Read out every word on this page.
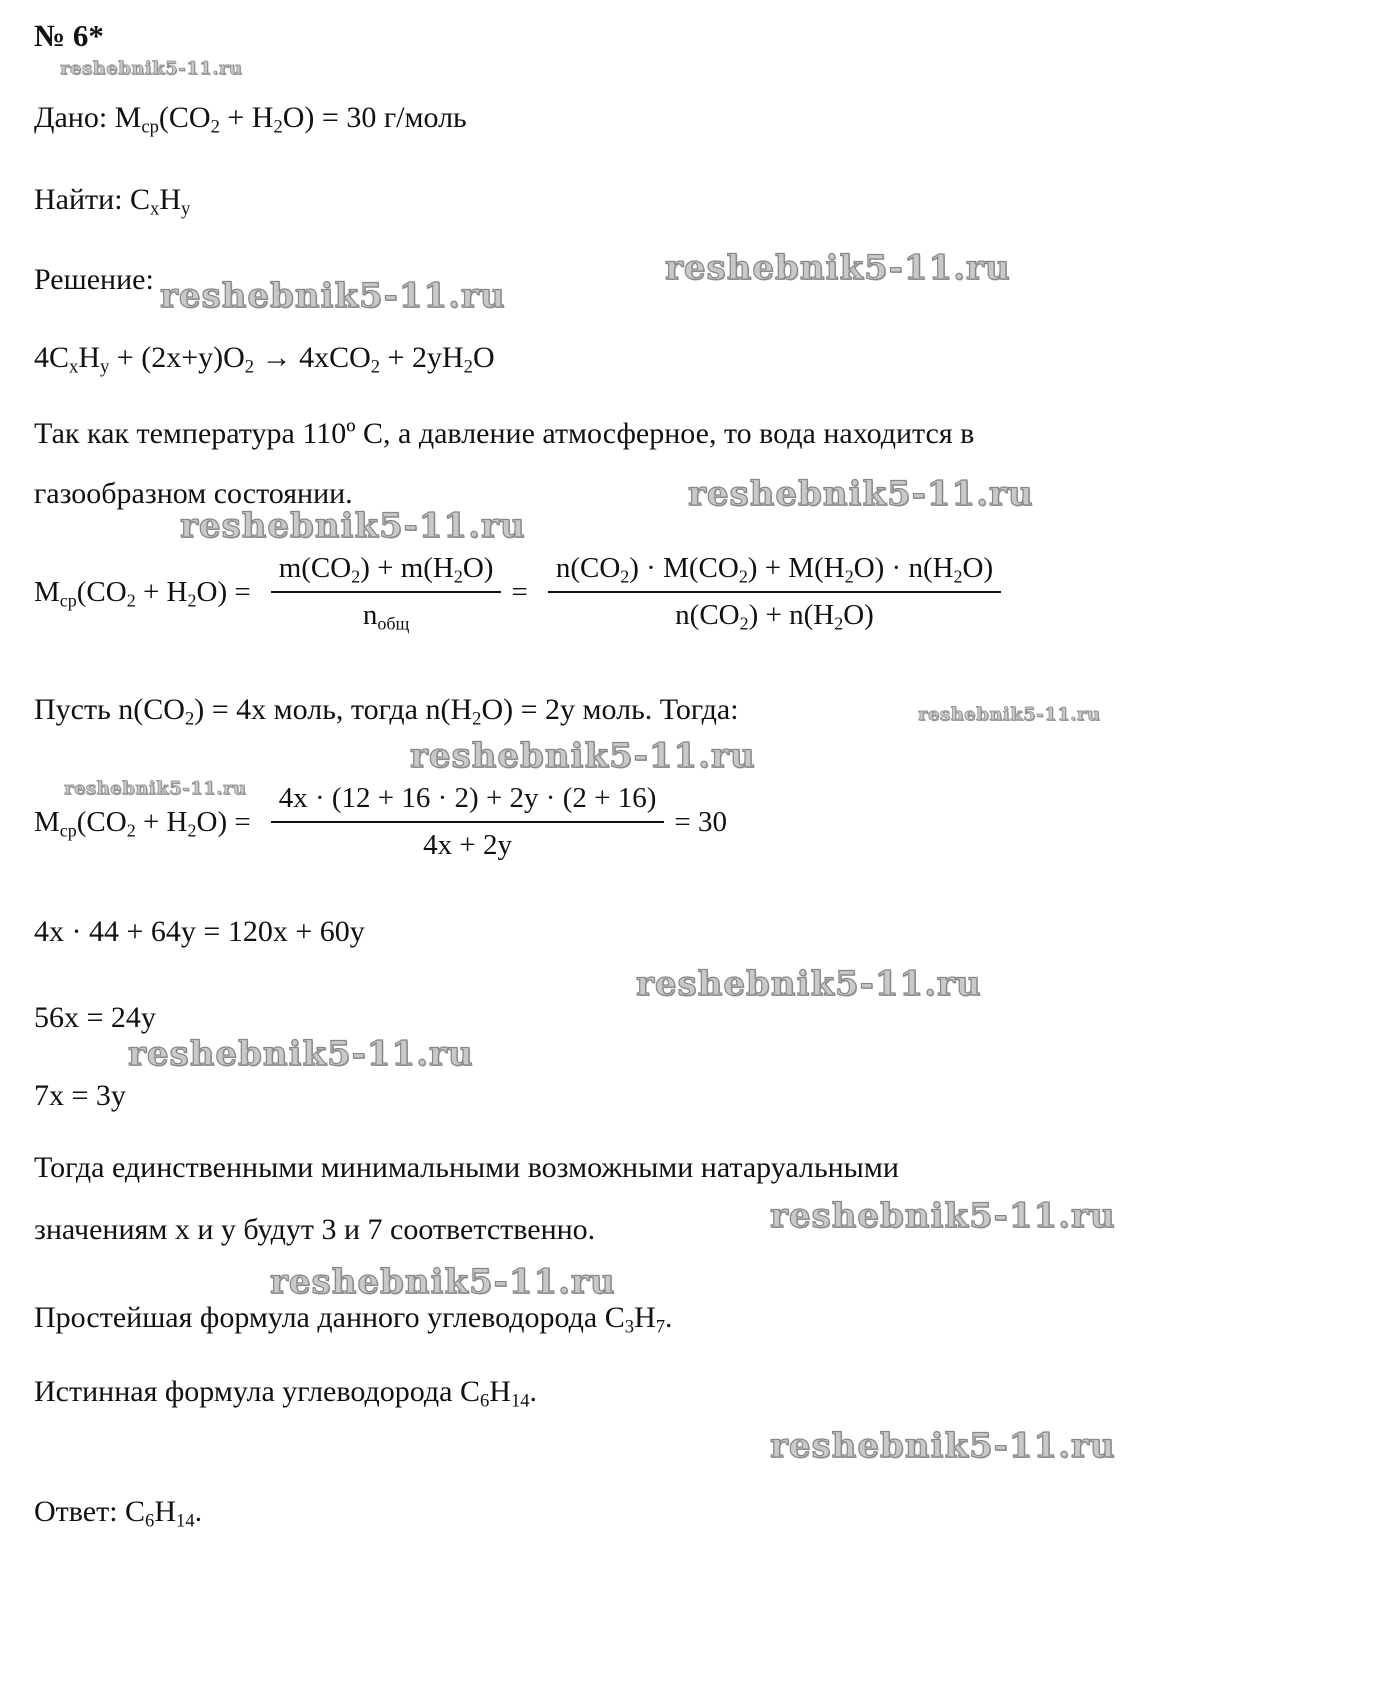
reshebnik5-11.ru
reshebnik5-11.ru
reshebnik5-11.ru
reshebnik5-11.ru
reshebnik5-11.ru
reshebnik5-11.ru
reshebnik5-11.ru
reshebnik5-11.ru
reshebnik5-11.ru
reshebnik5-11.ru
reshebnik5-11.ru
reshebnik5-11.ru
reshebnik5-11.ru
№ 6*
Дано: $M_{ср}(CO_2 + H_2O) = 30$ г/моль
Найти: $C_xH_y$
Решение:
$4C_xH_y + (2x+y)O_2 \to 4xCO_2 + 2yH_2O$
Так как температура 110º C, а давление атмосферное, то вода находится в
газообразном состоянии.
$M_{ср}(CO_2 + H_2O) = \frac{m(CO_2) + m(H_2O)}{n_{общ}} = \frac{n(CO_2) \cdot M(CO_2) + M(H_2O) \cdot n(H_2O)}{n(CO_2) + n(H_2O)}$
Пусть $n(CO_2) = 4x$ моль, тогда $n(H_2O) = 2y$ моль. Тогда:
$M_{ср}(CO_2 + H_2O) = \frac{4x \cdot (12 + 16 \cdot 2) + 2y \cdot (2 + 16)}{4x + 2y} = 30$
4x · 44 + 64y = 120x + 60y
56x = 24y
7x = 3y
Тогда единственными минимальными возможными натаруальными
значениям x и y будут 3 и 7 соответственно.
Простейшая формула данного углеводорода $C_3H_7$.
Истинная формула углеводорода $C_6H_{14}$.
Ответ: $C_6H_{14}$.
